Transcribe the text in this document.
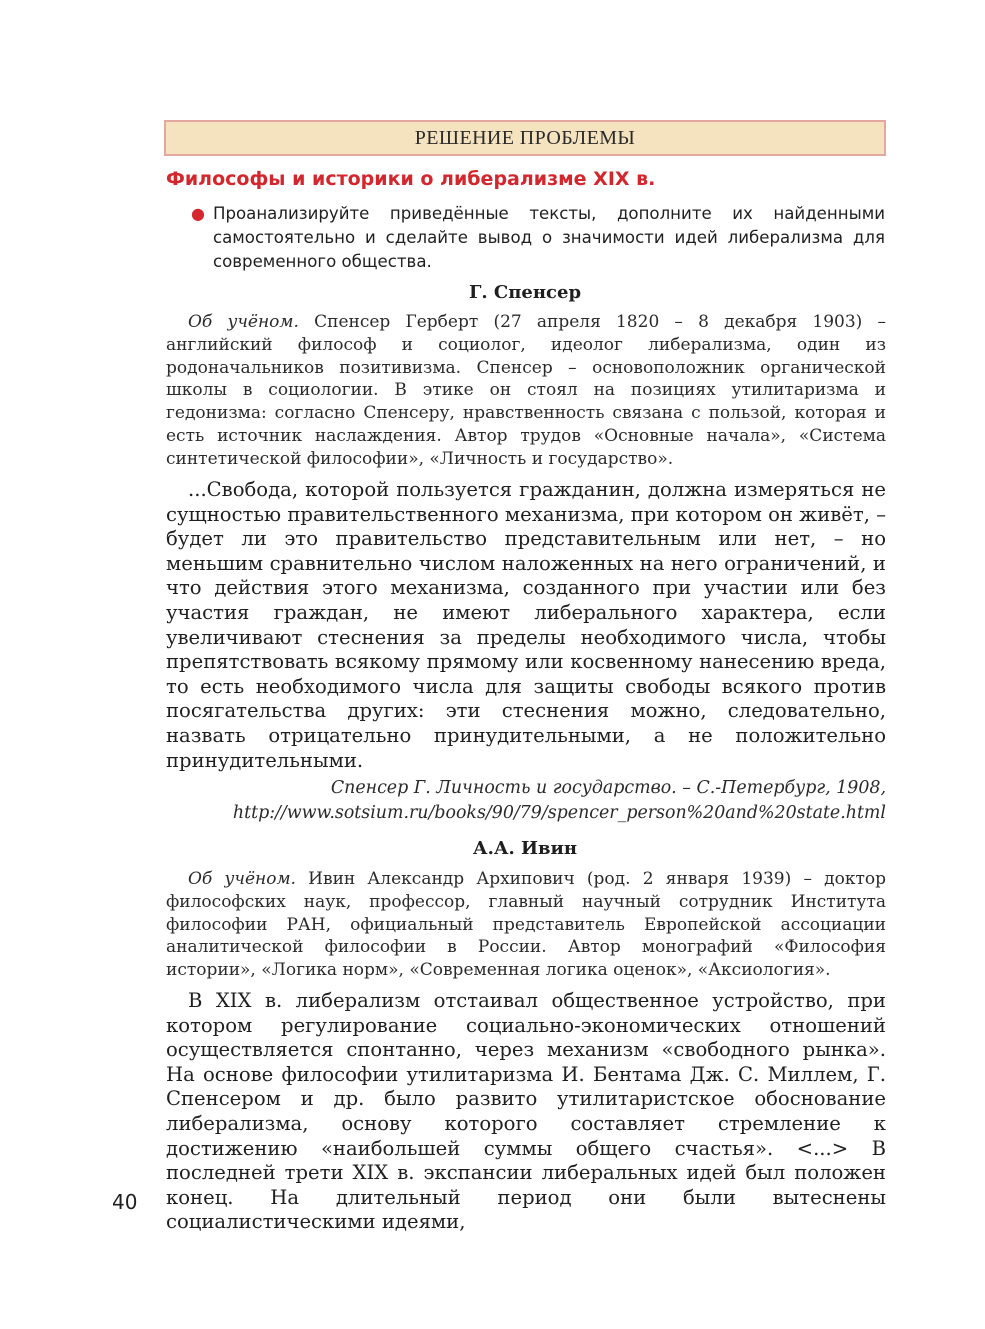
РЕШЕНИЕ ПРОБЛЕМЫ
Философы и историки о либерализме XIX в.
● Проанализируйте приведённые тексты, дополните их найденными самостоятельно и сделайте вывод о значимости идей либерализма для современного общества.
Г. Спенсер
Об учёном. Спенсер Герберт (27 апреля 1820 – 8 декабря 1903) – английский философ и социолог, идеолог либерализма, один из родоначальников позитивизма. Спенсер – основоположник органической школы в социологии. В этике он стоял на позициях утилитаризма и гедонизма: согласно Спенсеру, нравственность связана с пользой, которая и есть источник наслаждения. Автор трудов «Основные начала», «Система синтетической философии», «Личность и государство».
...Свобода, которой пользуется гражданин, должна измеряться не сущностью правительственного механизма, при котором он живёт, – будет ли это правительство представительным или нет, – но меньшим сравнительно числом наложенных на него ограничений, и что действия этого механизма, созданного при участии или без участия граждан, не имеют либерального характера, если увеличивают стеснения за пределы необходимого числа, чтобы препятствовать всякому прямому или косвенному нанесению вреда, то есть необходимого числа для защиты свободы всякого против посягательства других: эти стеснения можно, следовательно, назвать отрицательно принудительными, а не положительно принудительными.
Спенсер Г. Личность и государство. – С.-Петербург, 1908,
http://www.sotsium.ru/books/90/79/spencer_person%20and%20state.html
А.А. Ивин
Об учёном. Ивин Александр Архипович (род. 2 января 1939) – доктор философских наук, профессор, главный научный сотрудник Института философии РАН, официальный представитель Европейской ассоциации аналитической философии в России. Автор монографий «Философия истории», «Логика норм», «Современная логика оценок», «Аксиология».
В XIX в. либерализм отстаивал общественное устройство, при котором регулирование социально-экономических отношений осуществляется спонтанно, через механизм «свободного рынка». На основе философии утилитаризма И. Бентама Дж. С. Миллем, Г. Спенсером и др. было развито утилитаристское обоснование либерализма, основу которого составляет стремление к достижению «наибольшей суммы общего счастья». <...> В последней трети XIX в. экспансии либеральных идей был положен конец. На длительный период они были вытеснены социалистическими идеями,
40
